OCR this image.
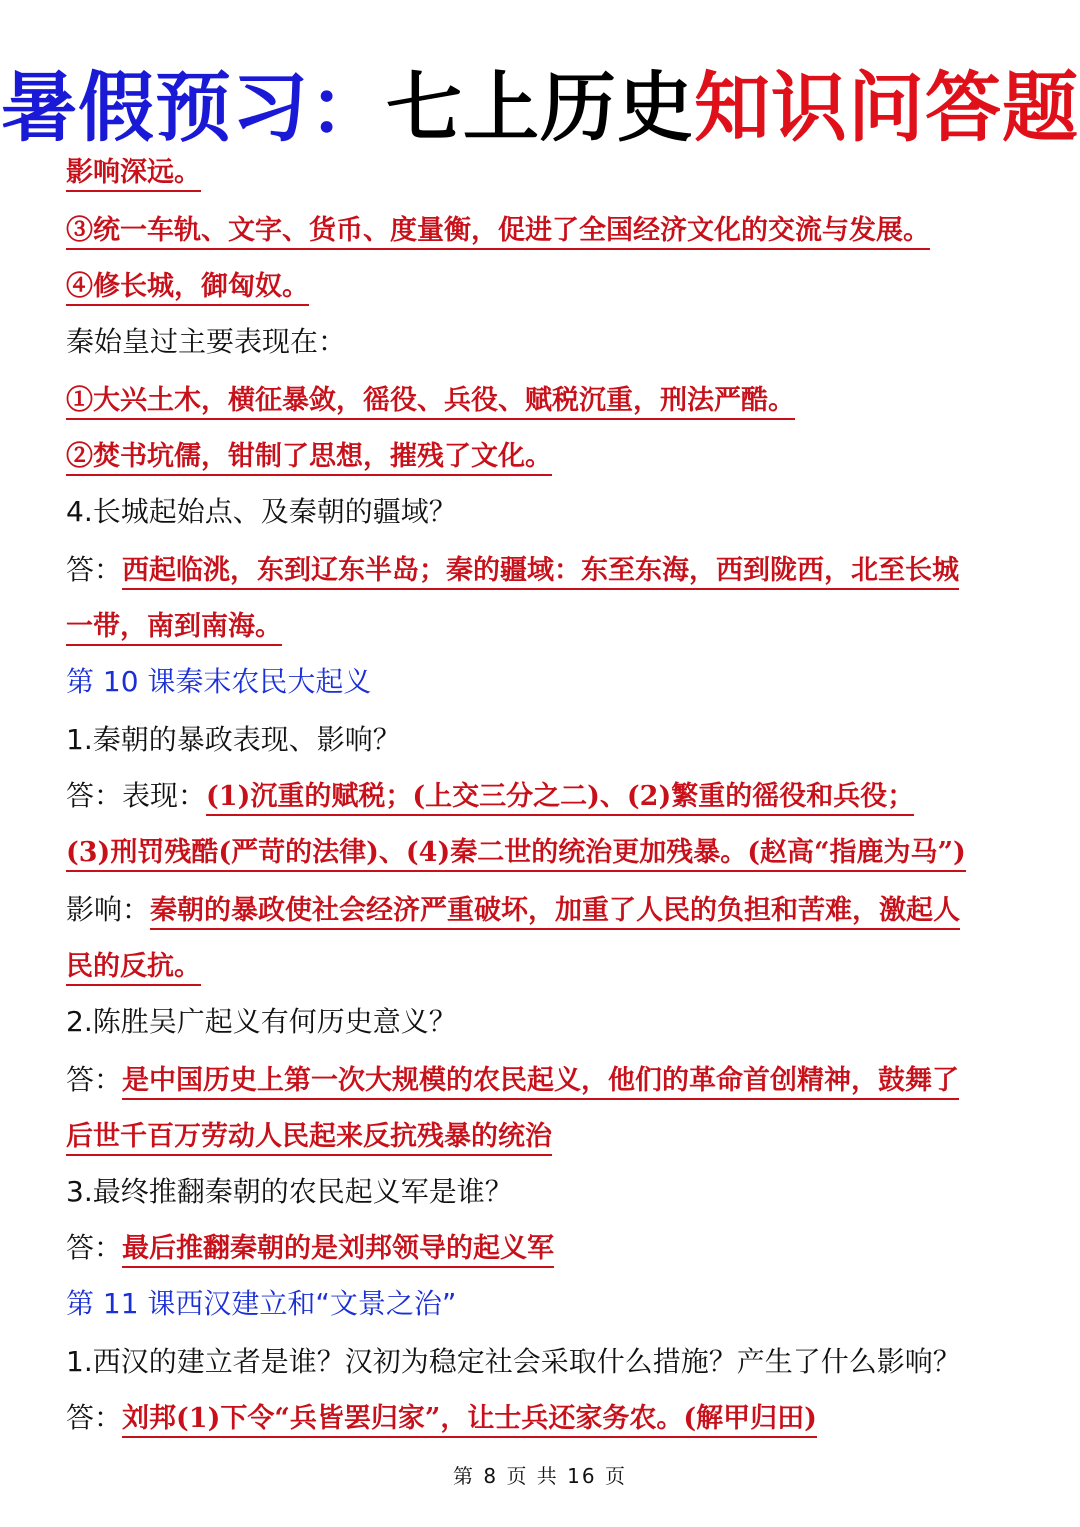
暑假预习：七上历史知识问答题
影响深远。
③统一车轨、文字、货币、度量衡，促进了全国经济文化的交流与发展。
④修长城，御匈奴。
秦始皇过主要表现在：
①大兴土木，横征暴敛，徭役、兵役、赋税沉重，刑法严酷。
②焚书坑儒，钳制了思想，摧残了文化。
4.长城起始点、及秦朝的疆域？
答：西起临洮，东到辽东半岛；秦的疆域：东至东海，西到陇西，北至长城
一带，南到南海。
第 10 课秦末农民大起义
1.秦朝的暴政表现、影响？
答：表现：(1)沉重的赋税；(上交三分之二)、(2)繁重的徭役和兵役；
(3)刑罚残酷(严苛的法律)、(4)秦二世的统治更加残暴。(赵高“指鹿为马”)
影响：秦朝的暴政使社会经济严重破坏，加重了人民的负担和苦难，激起人
民的反抗。
2.陈胜吴广起义有何历史意义？
答：是中国历史上第一次大规模的农民起义，他们的革命首创精神，鼓舞了
后世千百万劳动人民起来反抗残暴的统治
3.最终推翻秦朝的农民起义军是谁？
答：最后推翻秦朝的是刘邦领导的起义军
第 11 课西汉建立和“文景之治”
1.西汉的建立者是谁？汉初为稳定社会采取什么措施？产生了什么影响？
答：刘邦(1)下令“兵皆罢归家”，让士兵还家务农。(解甲归田)
第 8 页 共 16 页
